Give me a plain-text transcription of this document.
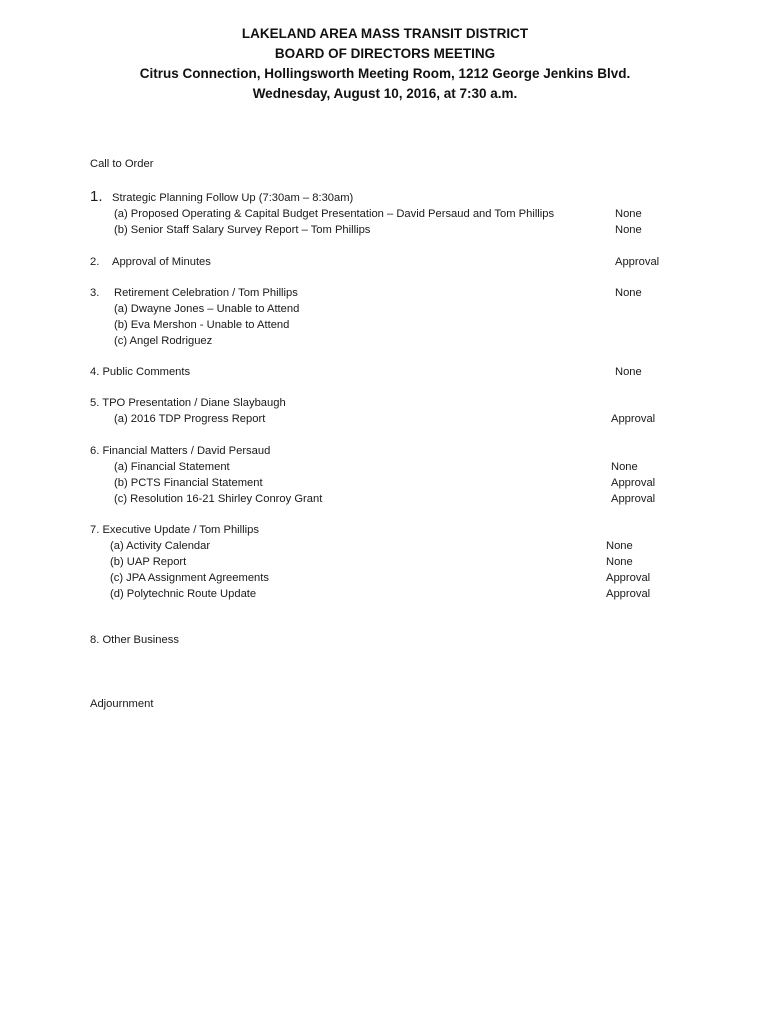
LAKELAND AREA MASS TRANSIT DISTRICT
BOARD OF DIRECTORS MEETING
Citrus Connection, Hollingsworth Meeting Room, 1212 George Jenkins Blvd.
Wednesday, August 10, 2016, at 7:30 a.m.
Call to Order
1. Strategic Planning Follow Up (7:30am – 8:30am)
(a) Proposed Operating & Capital Budget Presentation – David Persaud and Tom Phillips	None
(b) Senior Staff Salary Survey Report – Tom Phillips	None
2. Approval of Minutes	Approval
3. Retirement Celebration / Tom Phillips	None
(a) Dwayne Jones – Unable to Attend
(b) Eva Mershon - Unable to Attend
(c) Angel Rodriguez
4. Public Comments	None
5. TPO Presentation / Diane Slaybaugh
(a) 2016 TDP Progress Report	Approval
6. Financial Matters / David Persaud
(a) Financial Statement	None
(b) PCTS Financial Statement	Approval
(c) Resolution 16-21 Shirley Conroy Grant	Approval
7. Executive Update / Tom Phillips
(a) Activity Calendar	None
(b) UAP Report	None
(c) JPA Assignment Agreements	Approval
(d) Polytechnic Route Update	Approval
8. Other Business
Adjournment
